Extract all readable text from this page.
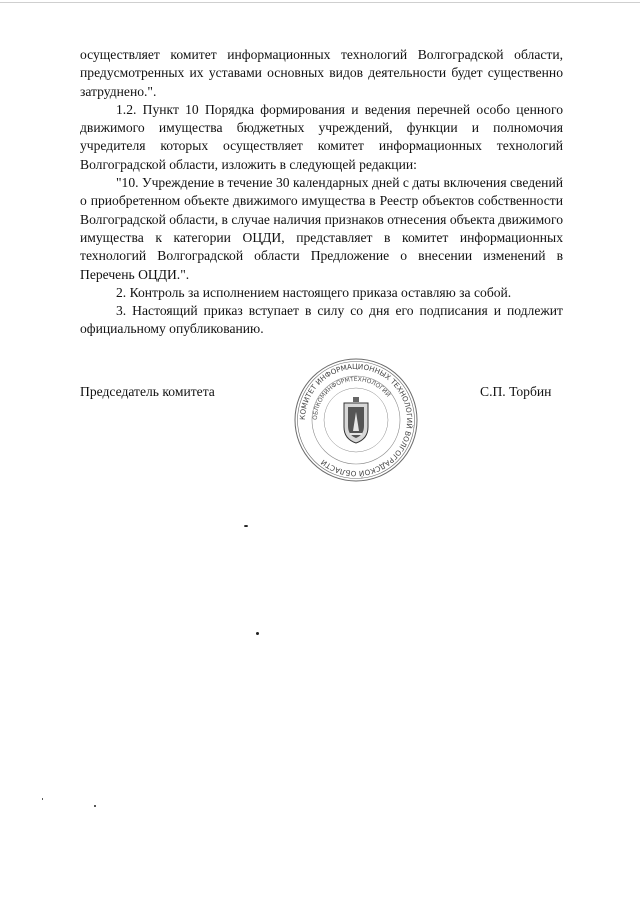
осуществляет комитет информационных технологий Волгоградской области, предусмотренных их уставами основных видов деятельности будет существенно затруднено.".

1.2. Пункт 10 Порядка формирования и ведения перечней особо ценного движимого имущества бюджетных учреждений, функции и полномочия учредителя которых осуществляет комитет информационных технологий Волгоградской области, изложить в следующей редакции:

"10. Учреждение в течение 30 календарных дней с даты включения сведений о приобретенном объекте движимого имущества в Реестр объектов собственности Волгоградской области, в случае наличия признаков отнесения объекта движимого имущества к категории ОЦДИ, представляет в комитет информационных технологий Волгоградской области Предложение о внесении изменений в Перечень ОЦДИ.".

2. Контроль за исполнением настоящего приказа оставляю за собой.

3. Настоящий приказ вступает в силу со дня его подписания и подлежит официальному опубликованию.

Председатель комитета	С.П. Торбин
КОМИТЕТ ИНФОРМАЦИОННЫХ ТЕХНОЛОГИЙ ВОЛГОГРАДСКОЙ ОБЛАСТИ
ОБЛКОМИНФОРМТЕХНОЛОГИЙ
